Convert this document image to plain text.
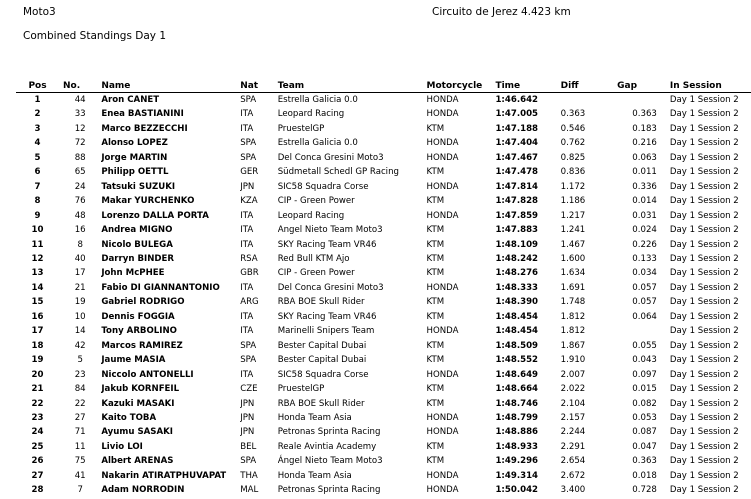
Moto3	Circuito de Jerez 4.423 km
Combined Standings Day 1
Pos	No.	Name	Nat	Team	Motorcycle	Time	Diff	Gap		In Session
1	44	Aron CANET	SPA	Estrella Galicia 0.0	HONDA	1:46.642				Day 1 Session 2
2	33	Enea BASTIANINI	ITA	Leopard Racing	HONDA	1:47.005	0.363	0.363		Day 1 Session 2
3	12	Marco BEZZECCHI	ITA	PruestelGP	KTM	1:47.188	0.546	0.183		Day 1 Session 2
4	72	Alonso LOPEZ	SPA	Estrella Galicia 0.0	HONDA	1:47.404	0.762	0.216		Day 1 Session 2
5	88	Jorge MARTIN	SPA	Del Conca Gresini Moto3	HONDA	1:47.467	0.825	0.063		Day 1 Session 2
6	65	Philipp OETTL	GER	Südmetall Schedl GP Racing	KTM	1:47.478	0.836	0.011		Day 1 Session 2
7	24	Tatsuki SUZUKI	JPN	SIC58 Squadra Corse	HONDA	1:47.814	1.172	0.336		Day 1 Session 2
8	76	Makar YURCHENKO	KZA	CIP - Green Power	KTM	1:47.828	1.186	0.014		Day 1 Session 2
9	48	Lorenzo DALLA PORTA	ITA	Leopard Racing	HONDA	1:47.859	1.217	0.031		Day 1 Session 2
10	16	Andrea MIGNO	ITA	Angel Nieto Team Moto3	KTM	1:47.883	1.241	0.024		Day 1 Session 2
11	8	Nicolo BULEGA	ITA	SKY Racing Team VR46	KTM	1:48.109	1.467	0.226		Day 1 Session 2
12	40	Darryn BINDER	RSA	Red Bull KTM Ajo	KTM	1:48.242	1.600	0.133		Day 1 Session 2
13	17	John McPHEE	GBR	CIP - Green Power	KTM	1:48.276	1.634	0.034		Day 1 Session 2
14	21	Fabio DI GIANNANTONIO	ITA	Del Conca Gresini Moto3	HONDA	1:48.333	1.691	0.057		Day 1 Session 2
15	19	Gabriel RODRIGO	ARG	RBA BOE Skull Rider	KTM	1:48.390	1.748	0.057		Day 1 Session 2
16	10	Dennis FOGGIA	ITA	SKY Racing Team VR46	KTM	1:48.454	1.812	0.064		Day 1 Session 2
17	14	Tony ARBOLINO	ITA	Marinelli Snipers Team	HONDA	1:48.454	1.812			Day 1 Session 2
18	42	Marcos RAMIREZ	SPA	Bester Capital Dubai	KTM	1:48.509	1.867	0.055		Day 1 Session 2
19	5	Jaume MASIA	SPA	Bester Capital Dubai	KTM	1:48.552	1.910	0.043		Day 1 Session 2
20	23	Niccolo ANTONELLI	ITA	SIC58 Squadra Corse	HONDA	1:48.649	2.007	0.097		Day 1 Session 2
21	84	Jakub KORNFEIL	CZE	PruestelGP	KTM	1:48.664	2.022	0.015		Day 1 Session 2
22	22	Kazuki MASAKI	JPN	RBA BOE Skull Rider	KTM	1:48.746	2.104	0.082		Day 1 Session 2
23	27	Kaito TOBA	JPN	Honda Team Asia	HONDA	1:48.799	2.157	0.053		Day 1 Session 2
24	71	Ayumu SASAKI	JPN	Petronas Sprinta Racing	HONDA	1:48.886	2.244	0.087		Day 1 Session 2
25	11	Livio LOI	BEL	Reale Avintia Academy	KTM	1:48.933	2.291	0.047		Day 1 Session 2
26	75	Albert ARENAS	SPA	Ángel Nieto Team Moto3	KTM	1:49.296	2.654	0.363		Day 1 Session 2
27	41	Nakarin ATIRATPHUVAPAT	THA	Honda Team Asia	HONDA	1:49.314	2.672	0.018		Day 1 Session 2
28	7	Adam NORRODIN	MAL	Petronas Sprinta Racing	HONDA	1:50.042	3.400	0.728		Day 1 Session 2
